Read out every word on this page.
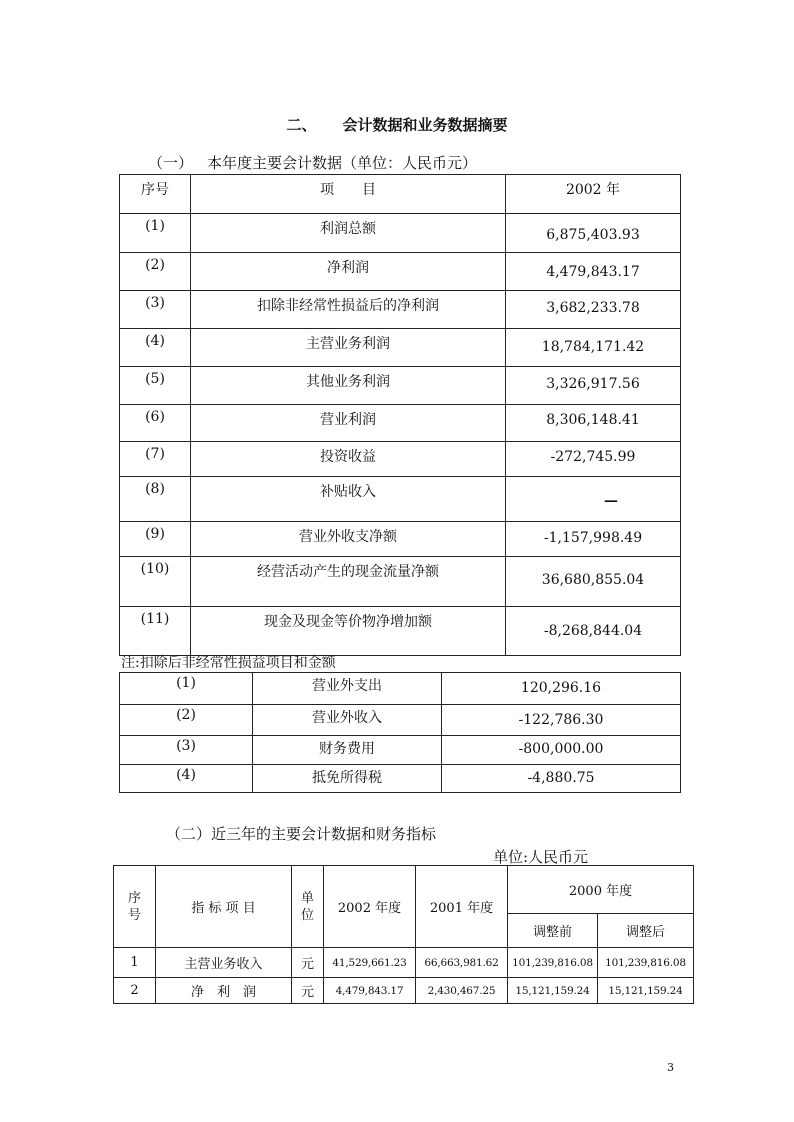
二、 会计数据和业务数据摘要
（一） 本年度主要会计数据（单位：人民币元）
序号	项　　目	2002 年
(1)	利润总额	6,875,403.93

(2)	净利润	4,479,843.17

(3)	扣除非经常性损益后的净利润	3,682,233.78

(4)	主营业务利润	18,784,171.42

(5)	其他业务利润	3,326,917.56

(6)	营业利润	8,306,148.41

(7)	投资收益	-272,745.99

(8)	补贴收入	—

(9)	营业外收支净额	-1,157,998.49

(10)	经营活动产生的现金流量净额	36,680,855.04

(11)	现金及现金等价物净增加额	-8,268,844.04
注:扣除后非经常性损益项目和金额
(1)	营业外支出	120,296.16
(2)	营业外收入	-122,786.30
(3)	财务费用	-800,000.00
(4)	抵免所得税	-4,880.75
（二）近三年的主要会计数据和财务指标
单位:人民币元
序号	指 标 项 目	单位	2002 年度	2001 年度	2000 年度	
					调整前	调整后
1	主营业务收入	元	41,529,661.23	66,663,981.62	101,239,816.08	101,239,816.08
2	净　利　润	元	4,479,843.17	2,430,467.25	15,121,159.24	15,121,159.24
3
